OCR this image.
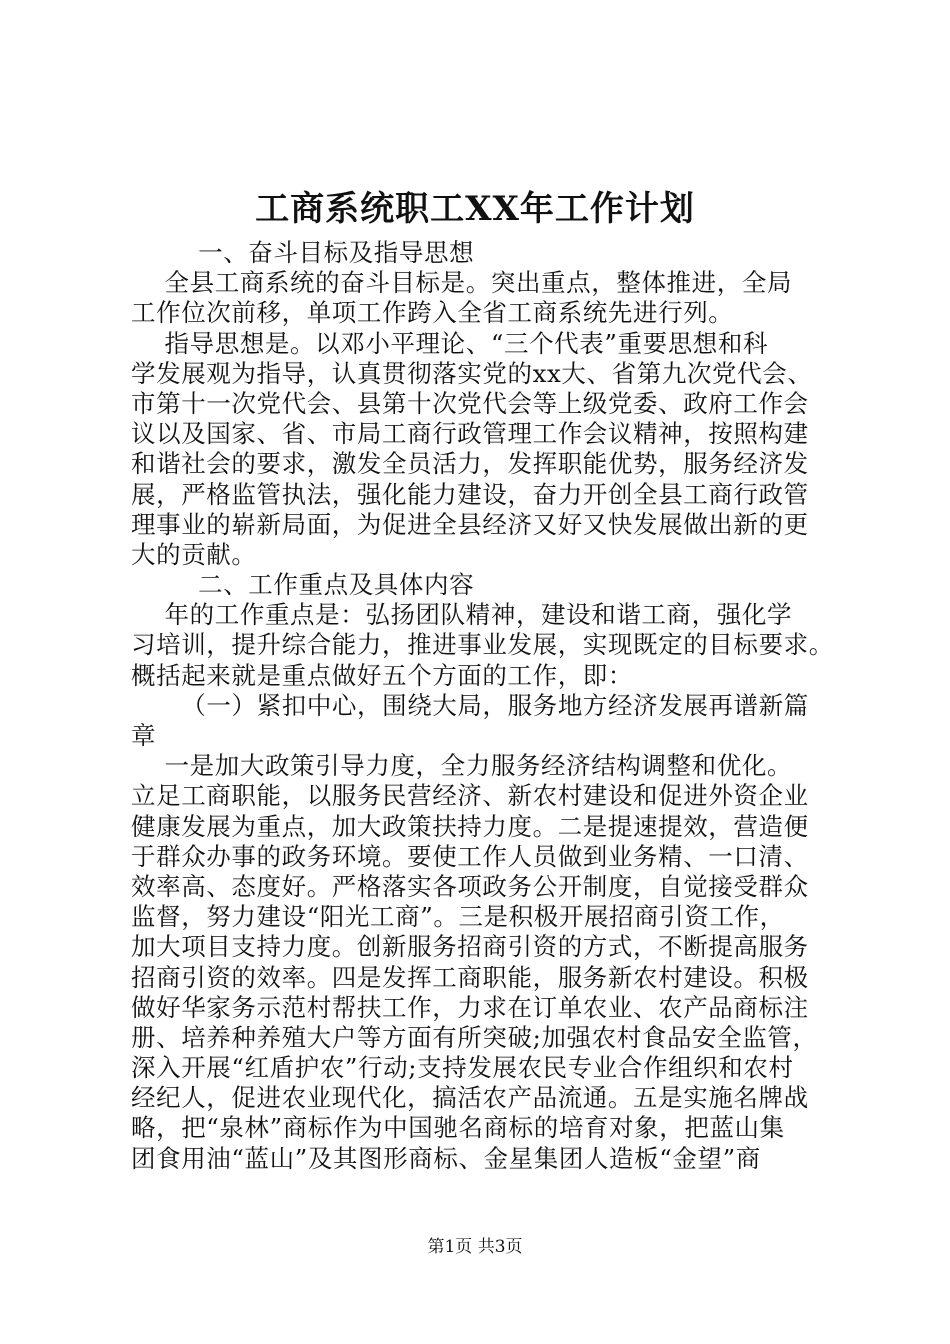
工商系统职工XX年工作计划
一、奋斗目标及指导思想
全县工商系统的奋斗目标是。突出重点，整体推进，全局
工作位次前移，单项工作跨入全省工商系统先进行列。
指导思想是。以邓小平理论、“三个代表”重要思想和科
学发展观为指导，认真贯彻落实党的xx大、省第九次党代会、
市第十一次党代会、县第十次党代会等上级党委、政府工作会
议以及国家、省、市局工商行政管理工作会议精神，按照构建
和谐社会的要求，激发全员活力，发挥职能优势，服务经济发
展，严格监管执法，强化能力建设，奋力开创全县工商行政管
理事业的崭新局面，为促进全县经济又好又快发展做出新的更
大的贡献。
二、工作重点及具体内容
年的工作重点是：弘扬团队精神，建设和谐工商，强化学
习培训，提升综合能力，推进事业发展，实现既定的目标要求。
概括起来就是重点做好五个方面的工作，即：
（一）紧扣中心，围绕大局，服务地方经济发展再谱新篇
章
一是加大政策引导力度，全力服务经济结构调整和优化。
立足工商职能，以服务民营经济、新农村建设和促进外资企业
健康发展为重点，加大政策扶持力度。二是提速提效，营造便
于群众办事的政务环境。要使工作人员做到业务精、一口清、
效率高、态度好。严格落实各项政务公开制度，自觉接受群众
监督，努力建设“阳光工商”。三是积极开展招商引资工作，
加大项目支持力度。创新服务招商引资的方式，不断提高服务
招商引资的效率。四是发挥工商职能，服务新农村建设。积极
做好华家务示范村帮扶工作，力求在订单农业、农产品商标注
册、培养种养殖大户等方面有所突破;加强农村食品安全监管，
深入开展“红盾护农”行动;支持发展农民专业合作组织和农村
经纪人，促进农业现代化，搞活农产品流通。五是实施名牌战
略，把“泉林”商标作为中国驰名商标的培育对象，把蓝山集
团食用油“蓝山”及其图形商标、金星集团人造板“金望”商
第1页 共3页
